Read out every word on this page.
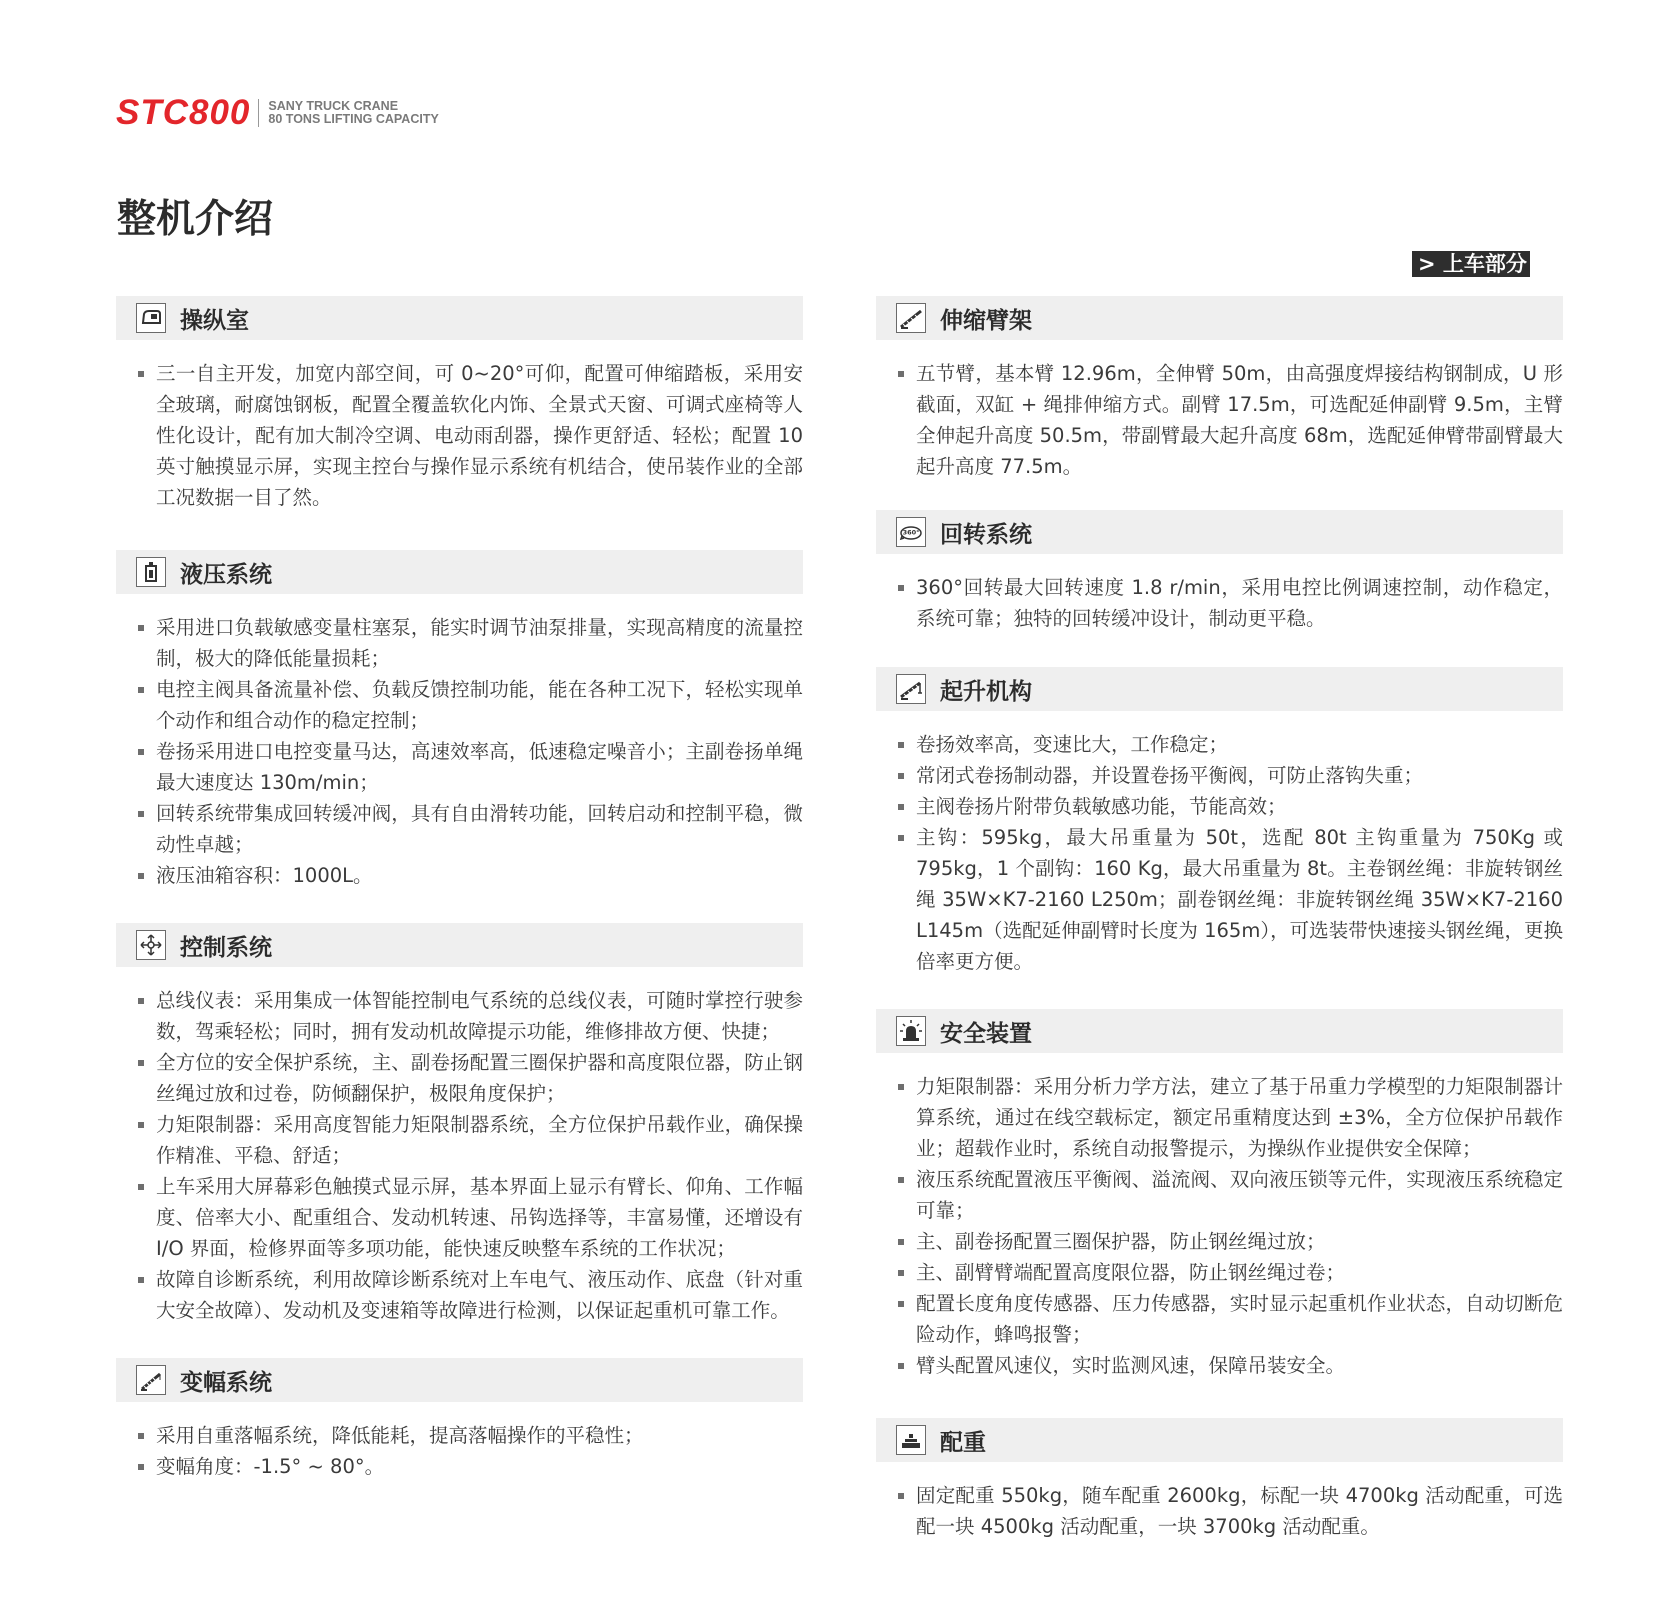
STC800 SANY TRUCK CRANE
80 TONS LIFTING CAPACITY
整机介绍
> 上车部分
操纵室
三一自主开发，加宽内部空间，可 0~20°可仰，配置可伸缩踏板，采用安全玻璃，耐腐蚀钢板，配置全覆盖软化内饰、全景式天窗、可调式座椅等人性化设计，配有加大制冷空调、电动雨刮器，操作更舒适、轻松；配置 10 英寸触摸显示屏，实现主控台与操作显示系统有机结合，使吊装作业的全部工况数据一目了然。
液压系统
采用进口负载敏感变量柱塞泵，能实时调节油泵排量，实现高精度的流量控制，极大的降低能量损耗；
电控主阀具备流量补偿、负载反馈控制功能，能在各种工况下，轻松实现单个动作和组合动作的稳定控制；
卷扬采用进口电控变量马达，高速效率高，低速稳定噪音小；主副卷扬单绳最大速度达 130m/min；
回转系统带集成回转缓冲阀，具有自由滑转功能，回转启动和控制平稳，微动性卓越；
液压油箱容积：1000L。
控制系统
总线仪表：采用集成一体智能控制电气系统的总线仪表，可随时掌控行驶参数，驾乘轻松；同时，拥有发动机故障提示功能，维修排故方便、快捷；
全方位的安全保护系统，主、副卷扬配置三圈保护器和高度限位器，防止钢丝绳过放和过卷，防倾翻保护，极限角度保护；
力矩限制器：采用高度智能力矩限制器系统，全方位保护吊载作业，确保操作精准、平稳、舒适；
上车采用大屏幕彩色触摸式显示屏，基本界面上显示有臂长、仰角、工作幅度、倍率大小、配重组合、发动机转速、吊钩选择等，丰富易懂，还增设有 I/O 界面，检修界面等多项功能，能快速反映整车系统的工作状况；
故障自诊断系统，利用故障诊断系统对上车电气、液压动作、底盘（针对重大安全故障）、发动机及变速箱等故障进行检测，以保证起重机可靠工作。
变幅系统
采用自重落幅系统，降低能耗，提高落幅操作的平稳性；
变幅角度：-1.5° ~ 80°。
伸缩臂架
五节臂，基本臂 12.96m，全伸臂 50m，由高强度焊接结构钢制成，U 形截面，双缸 + 绳排伸缩方式。副臂 17.5m，可选配延伸副臂 9.5m，主臂全伸起升高度 50.5m，带副臂最大起升高度 68m，选配延伸臂带副臂最大起升高度 77.5m。
360° 回转系统
360°回转最大回转速度 1.8 r/min，采用电控比例调速控制，动作稳定，系统可靠；独特的回转缓冲设计，制动更平稳。
起升机构
卷扬效率高，变速比大，工作稳定；
常闭式卷扬制动器，并设置卷扬平衡阀，可防止落钩失重；
主阀卷扬片附带负载敏感功能，节能高效；
主钩：595kg，最大吊重量为 50t，选配 80t 主钩重量为 750Kg 或 795kg，1 个副钩：160 Kg，最大吊重量为 8t。主卷钢丝绳：非旋转钢丝绳 35W×K7-2160 L250m；副卷钢丝绳：非旋转钢丝绳 35W×K7-2160 L145m（选配延伸副臂时长度为 165m），可选装带快速接头钢丝绳，更换倍率更方便。
安全装置
力矩限制器：采用分析力学方法，建立了基于吊重力学模型的力矩限制器计算系统，通过在线空载标定，额定吊重精度达到 ±3%，全方位保护吊载作业；超载作业时，系统自动报警提示，为操纵作业提供安全保障；
液压系统配置液压平衡阀、溢流阀、双向液压锁等元件，实现液压系统稳定可靠；
主、副卷扬配置三圈保护器，防止钢丝绳过放；
主、副臂臂端配置高度限位器，防止钢丝绳过卷；
配置长度角度传感器、压力传感器，实时显示起重机作业状态，自动切断危险动作，蜂鸣报警；
臂头配置风速仪，实时监测风速，保障吊装安全。
配重
固定配重 550kg，随车配重 2600kg，标配一块 4700kg 活动配重，可选配一块 4500kg 活动配重，一块 3700kg 活动配重。
